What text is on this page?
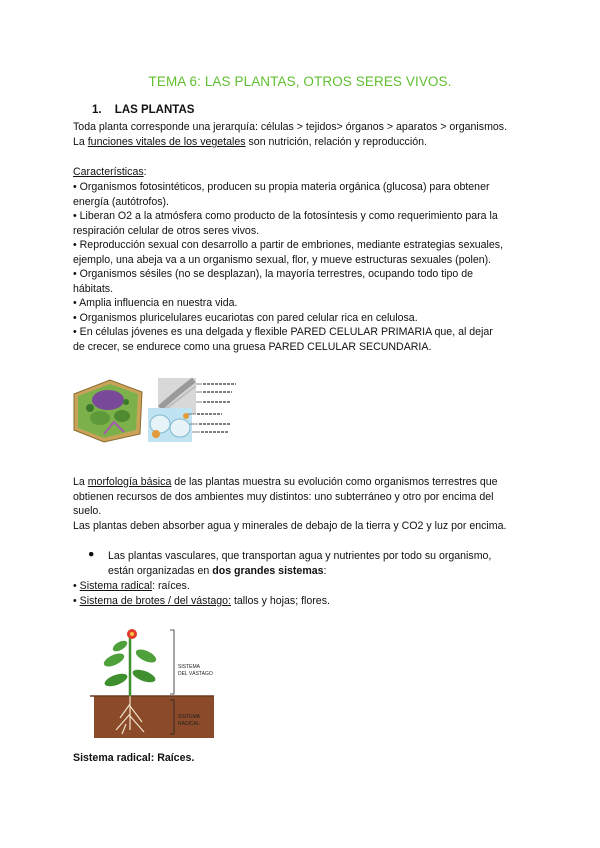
TEMA 6: LAS PLANTAS, OTROS SERES VIVOS.
1. LAS PLANTAS
Toda planta corresponde una jerarquía: células > tejidos> órganos > aparatos > organismos.
La funciones vitales de los vegetales son nutrición, relación y reproducción.
Características:
• Organismos fotosintéticos, producen su propia materia orgánica (glucosa) para obtener
energía (autótrofos).
• Liberan O2 a la atmósfera como producto de la fotosíntesis y como requerimiento para la
respiración celular de otros seres vivos.
• Reproducción sexual con desarrollo a partir de embriones, mediante estrategias sexuales,
ejemplo, una abeja va a un organismo sexual, flor, y mueve estructuras sexuales (polen).
• Organismos sésiles (no se desplazan), la mayoría terrestres, ocupando todo tipo de
hábitats.
• Amplia influencia en nuestra vida.
• Organismos pluricelulares eucariotas con pared celular rica en celulosa.
• En células jóvenes es una delgada y flexible PARED CELULAR PRIMARIA que, al dejar
de crecer, se endurece como una gruesa PARED CELULAR SECUNDARIA.
La morfología básica de las plantas muestra su evolución como organismos terrestres que
obtienen recursos de dos ambientes muy distintos: uno subterráneo y otro por encima del
suelo.
Las plantas deben absorber agua y minerales de debajo de la tierra y CO2 y luz por encima.
● Las plantas vasculares, que transportan agua y nutrientes por todo su organismo,
están organizadas en dos grandes sistemas:
• Sistema radical: raíces.
• Sistema de brotes / del vástago: tallos y hojas; flores.
SISTEMA
DEL VÁSTAGO
SISTEMA
RADICAL
Sistema radical: Raíces.
